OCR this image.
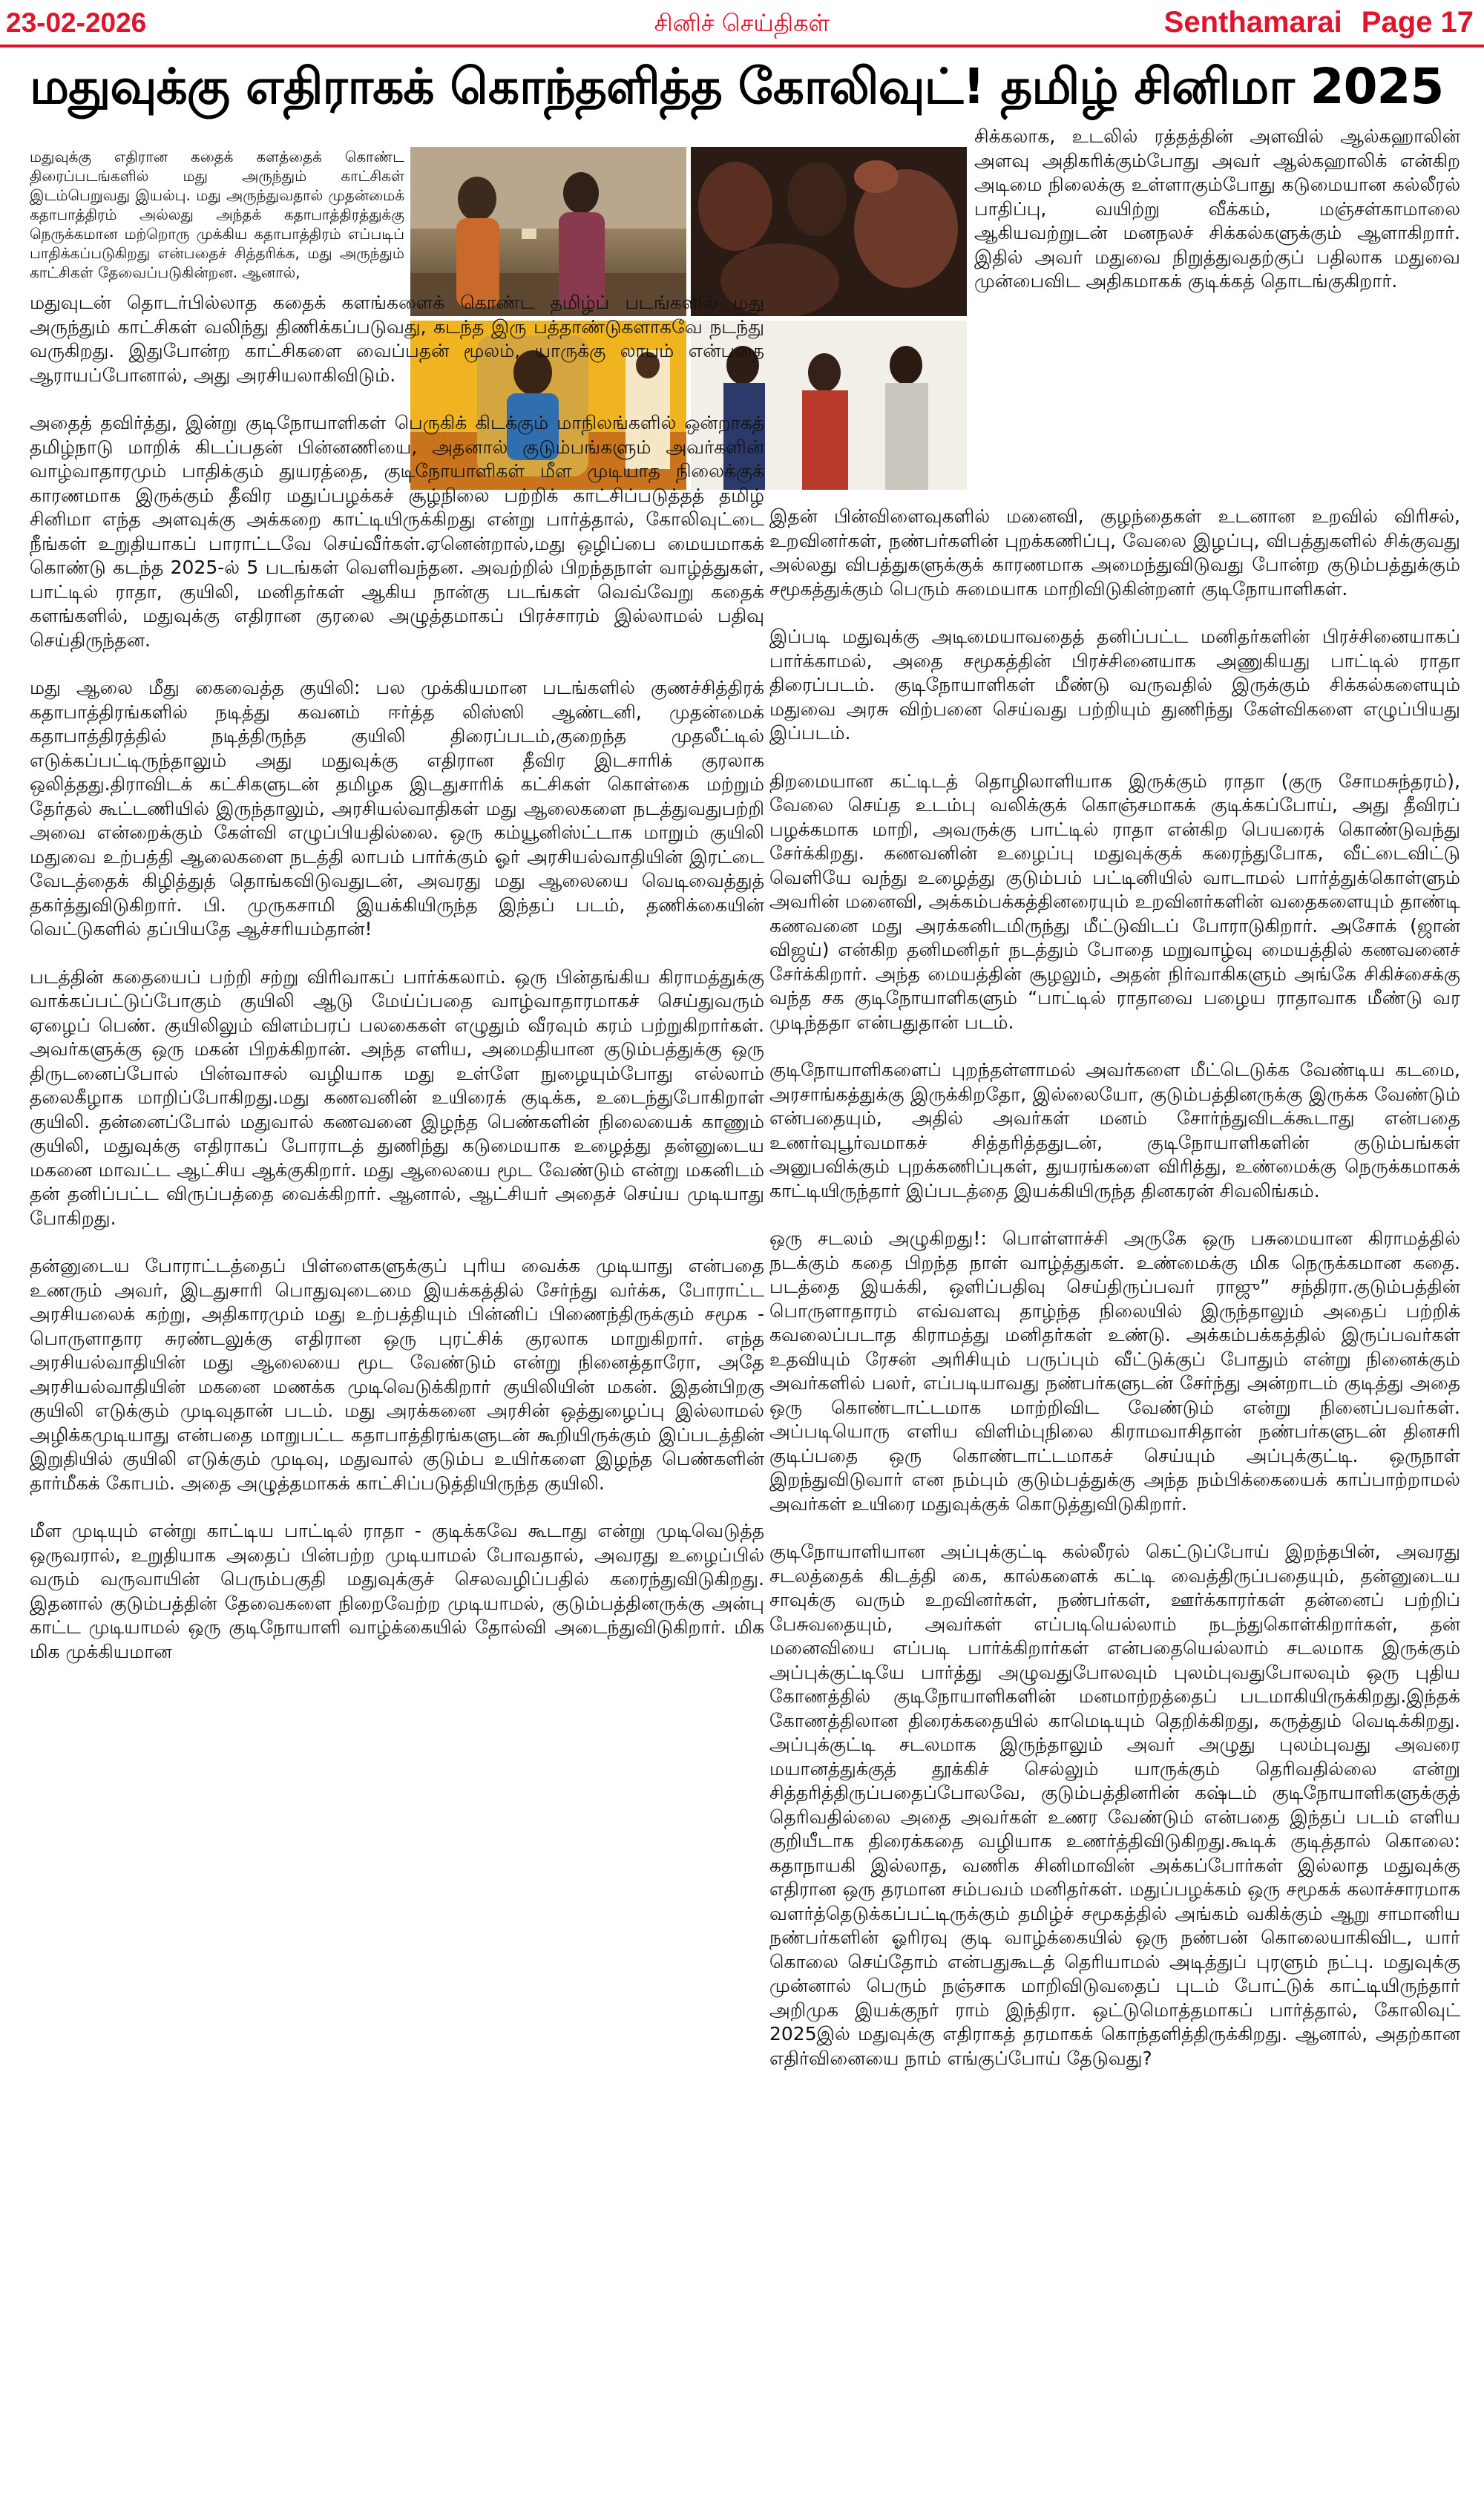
23-02-2026	சினிச் செய்திகள்	Senthamarai Page 17
மதுவுக்கு எதிராகக் கொந்தளித்த கோலிவுட்! தமிழ் சினிமா 2025

மதுவுக்கு எதிரான கதைக் களத்தைக் கொண்ட திரைப்படங்களில் மது அருந்தும் காட்சிகள் இடம்பெறுவது இயல்பு. மது அருந்துவதால் முதன்மைக் கதாபாத்திரம் அல்லது அந்தக் கதாபாத்திரத்துக்கு நெருக்கமான மற்றொரு முக்கிய கதாபாத்திரம் எப்படிப் பாதிக்கப்படுகிறது என்பதைச் சித்தரிக்க, மது அருந்தும் காட்சிகள் தேவைப்படுகின்றன. ஆனால்,

மதுவுடன் தொடர்பில்லாத கதைக் களங்களைக் கொண்ட தமிழ்ப் படங்களில் மது அருந்தும் காட்சிகள் வலிந்து திணிக்கப்படுவது, கடந்த இரு பத்தாண்டுகளாகவே நடந்து வருகிறது. இதுபோன்ற காட்சிகளை வைப்பதன் மூலம், யாருக்கு லாபம் என்பதை ஆராயப்போனால், அது அரசியலாகிவிடும்.

அதைத் தவிர்த்து, இன்று குடிநோயாளிகள் பெருகிக் கிடக்கும் மாநிலங்களில் ஒன்றாகத் தமிழ்நாடு மாறிக் கிடப்பதன் பின்னணியை, அதனால் குடும்பங்களும் அவர்களின் வாழ்வாதாரமும் பாதிக்கும் துயரத்தை, குடிநோயாளிகள் மீள முடியாத நிலைக்குக் காரணமாக இருக்கும் தீவிர மதுப்பழக்கச் சூழ்நிலை பற்றிக் காட்சிப்படுத்தத் தமிழ் சினிமா எந்த அளவுக்கு அக்கறை காட்டியிருக்கிறது என்று பார்த்தால், கோலிவுட்டை நீங்கள் உறுதியாகப் பாராட்டவே செய்வீர்கள்.ஏனென்றால்,மது ஒழிப்பை மையமாகக் கொண்டு கடந்த 2025-ல் 5 படங்கள் வெளிவந்தன. அவற்றில் பிறந்தநாள் வாழ்த்துகள், பாட்டில் ராதா, குயிலி, மனிதர்கள் ஆகிய நான்கு படங்கள் வெவ்வேறு கதைக் களங்களில், மதுவுக்கு எதிரான குரலை அழுத்தமாகப் பிரச்சாரம் இல்லாமல் பதிவு செய்திருந்தன.

மது ஆலை மீது கைவைத்த குயிலி: பல முக்கியமான படங்களில் குணச்சித்திரக் கதாபாத்திரங்களில் நடித்து கவனம் ஈர்த்த லிஸ்ஸி ஆண்டனி, முதன்மைக் கதாபாத்திரத்தில் நடித்திருந்த குயிலி திரைப்படம்,குறைந்த முதலீட்டில் எடுக்கப்பட்டிருந்தாலும் அது மதுவுக்கு எதிரான தீவிர இடசாரிக் குரலாக ஒலித்தது.திராவிடக் கட்சிகளுடன் தமிழக இடதுசாரிக் கட்சிகள் கொள்கை மற்றும் தேர்தல் கூட்டணியில் இருந்தாலும், அரசியல்வாதிகள் மது ஆலைகளை நடத்துவதுபற்றி அவை என்றைக்கும் கேள்வி எழுப்பியதில்லை. ஒரு கம்யூனிஸ்ட்டாக மாறும் குயிலி மதுவை உற்பத்தி ஆலைகளை நடத்தி லாபம் பார்க்கும் ஓர் அரசியல்வாதியின் இரட்டை வேடத்தைக் கிழித்துத் தொங்கவிடுவதுடன், அவரது மது ஆலையை வெடிவைத்துத் தகர்த்துவிடுகிறார். பி. முருகசாமி இயக்கியிருந்த இந்தப் படம், தணிக்கையின் வெட்டுகளில் தப்பியதே ஆச்சரியம்தான்!

படத்தின் கதையைப் பற்றி சற்று விரிவாகப் பார்க்கலாம். ஒரு பின்தங்கிய கிராமத்துக்கு வாக்கப்பட்டுப்போகும் குயிலி ஆடு மேய்ப்பதை வாழ்வாதாரமாகச் செய்துவரும் ஏழைப் பெண். குயிலிலும் விளம்பரப் பலகைகள் எழுதும் வீரவும் கரம் பற்றுகிறார்கள். அவர்களுக்கு ஒரு மகன் பிறக்கிறான். அந்த எளிய, அமைதியான குடும்பத்துக்கு ஒரு திருடனைப்போல் பின்வாசல் வழியாக மது உள்ளே நுழையும்போது எல்லாம் தலைகீழாக மாறிப்போகிறது.மது கணவனின் உயிரைக் குடிக்க, உடைந்துபோகிறாள் குயிலி. தன்னைப்போல் மதுவால் கணவனை இழந்த பெண்களின் நிலையைக் காணும் குயிலி, மதுவுக்கு எதிராகப் போராடத் துணிந்து கடுமையாக உழைத்து தன்னுடைய மகனை மாவட்ட ஆட்சிய ஆக்குகிறார். மது ஆலையை மூட வேண்டும் என்று மகனிடம் தன் தனிப்பட்ட விருப்பத்தை வைக்கிறார். ஆனால், ஆட்சியர் அதைச் செய்ய முடியாது போகிறது.

தன்னுடைய போராட்டத்தைப் பிள்ளைகளுக்குப் புரிய வைக்க முடியாது என்பதை உணரும் அவர், இடதுசாரி பொதுவுடைமை இயக்கத்தில் சேர்ந்து வர்க்க, போராட்ட அரசியலைக் கற்று, அதிகாரமும் மது உற்பத்தியும் பின்னிப் பிணைந்திருக்கும் சமூக - பொருளாதார சுரண்டலுக்கு எதிரான ஒரு புரட்சிக் குரலாக மாறுகிறார். எந்த அரசியல்வாதியின் மது ஆலையை மூட வேண்டும் என்று நினைத்தாரோ, அதே அரசியல்வாதியின் மகனை மணக்க முடிவெடுக்கிறார் குயிலியின் மகன். இதன்பிறகு குயிலி எடுக்கும் முடிவுதான் படம். மது அரக்கனை அரசின் ஒத்துழைப்பு இல்லாமல் அழிக்கமுடியாது என்பதை மாறுபட்ட கதாபாத்திரங்களுடன் கூறியிருக்கும் இப்படத்தின் இறுதியில் குயிலி எடுக்கும் முடிவு, மதுவால் குடும்ப உயிர்களை இழந்த பெண்களின் தார்மீகக் கோபம். அதை அழுத்தமாகக் காட்சிப்படுத்தியிருந்த குயிலி.

மீள முடியும் என்று காட்டிய பாட்டில் ராதா - குடிக்கவே கூடாது என்று முடிவெடுத்த ஒருவரால், உறுதியாக அதைப் பின்பற்ற முடியாமல் போவதால், அவரது உழைப்பில் வரும் வருவாயின் பெரும்பகுதி மதுவுக்குச் செலவழிப்பதில் கரைந்துவிடுகிறது. இதனால் குடும்பத்தின் தேவைகளை நிறைவேற்ற முடியாமல், குடும்பத்தினருக்கு அன்பு காட்ட முடியாமல் ஒரு குடிநோயாளி வாழ்க்கையில் தோல்வி அடைந்துவிடுகிறார். மிக மிக முக்கியமான

சிக்கலாக, உடலில் ரத்தத்தின் அளவில் ஆல்கஹாலின் அளவு அதிகரிக்கும்போது அவர் ஆல்கஹாலிக் என்கிற அடிமை நிலைக்கு உள்ளாகும்போது கடுமையான கல்லீரல் பாதிப்பு, வயிற்று வீக்கம், மஞ்சள்காமாலை ஆகியவற்றுடன் மனநலச் சிக்கல்களுக்கும் ஆளாகிறார். இதில் அவர் மதுவை நிறுத்துவதற்குப் பதிலாக மதுவை முன்பைவிட அதிகமாகக் குடிக்கத் தொடங்குகிறார்.

இதன் பின்விளைவுகளில் மனைவி, குழந்தைகள் உடனான உறவில் விரிசல், உறவினர்கள், நண்பர்களின் புறக்கணிப்பு, வேலை இழப்பு, விபத்துகளில் சிக்குவது அல்லது விபத்துகளுக்குக் காரணமாக அமைந்துவிடுவது போன்ற குடும்பத்துக்கும் சமூகத்துக்கும் பெரும் சுமையாக மாறிவிடுகின்றனர் குடிநோயாளிகள்.

இப்படி மதுவுக்கு அடிமையாவதைத் தனிப்பட்ட மனிதர்களின் பிரச்சினையாகப் பார்க்காமல், அதை சமூகத்தின் பிரச்சினையாக அணுகியது பாட்டில் ராதா திரைப்படம். குடிநோயாளிகள் மீண்டு வருவதில் இருக்கும் சிக்கல்களையும் மதுவை அரசு விற்பனை செய்வது பற்றியும் துணிந்து கேள்விகளை எழுப்பியது இப்படம்.

திறமையான கட்டிடத் தொழிலாளியாக இருக்கும் ராதா (குரு சோமசுந்தரம்), வேலை செய்த உடம்பு வலிக்குக் கொஞ்சமாகக் குடிக்கப்போய், அது தீவிரப் பழக்கமாக மாறி, அவருக்கு பாட்டில் ராதா என்கிற பெயரைக் கொண்டுவந்து சேர்க்கிறது. கணவனின் உழைப்பு மதுவுக்குக் கரைந்துபோக, வீட்டைவிட்டு வெளியே வந்து உழைத்து குடும்பம் பட்டினியில் வாடாமல் பார்த்துக்கொள்ளும் அவரின் மனைவி, அக்கம்பக்கத்தினரையும் உறவினர்களின் வதைகளையும் தாண்டி கணவனை மது அரக்கனிடமிருந்து மீட்டுவிடப் போராடுகிறார். அசோக் (ஜான் விஜய்) என்கிற தனிமனிதர் நடத்தும் போதை மறுவாழ்வு மையத்தில் கணவனைச் சேர்க்கிறார். அந்த மையத்தின் சூழலும், அதன் நிர்வாகிகளும் அங்கே சிகிச்சைக்கு வந்த சக குடிநோயாளிகளும் “பாட்டில் ராதாவை பழைய ராதாவாக மீண்டு வர முடிந்ததா என்பதுதான் படம்.

குடிநோயாளிகளைப் புறந்தள்ளாமல் அவர்களை மீட்டெடுக்க வேண்டிய கடமை, அரசாங்கத்துக்கு இருக்கிறதோ, இல்லையோ, குடும்பத்தினருக்கு இருக்க வேண்டும் என்பதையும், அதில் அவர்கள் மனம் சோர்ந்துவிடக்கூடாது என்பதை உணர்வுபூர்வமாகச் சித்தரித்ததுடன், குடிநோயாளிகளின் குடும்பங்கள் அனுபவிக்கும் புறக்கணிப்புகள், துயரங்களை விரித்து, உண்மைக்கு நெருக்கமாகக் காட்டியிருந்தார் இப்படத்தை இயக்கியிருந்த தினகரன் சிவலிங்கம்.

ஒரு சடலம் அழுகிறது!: பொள்ளாச்சி அருகே ஒரு பசுமையான கிராமத்தில் நடக்கும் கதை பிறந்த நாள் வாழ்த்துகள். உண்மைக்கு மிக நெருக்கமான கதை. படத்தை இயக்கி, ஒளிப்பதிவு செய்திருப்பவர் ராஜு” சந்திரா.குடும்பத்தின் பொருளாதாரம் எவ்வளவு தாழ்ந்த நிலையில் இருந்தாலும் அதைப் பற்றிக் கவலைப்படாத கிராமத்து மனிதர்கள் உண்டு. அக்கம்பக்கத்தில் இருப்பவர்கள் உதவியும் ரேசன் அரிசியும் பருப்பும் வீட்டுக்குப் போதும் என்று நினைக்கும் அவர்களில் பலர், எப்படியாவது நண்பர்களுடன் சேர்ந்து அன்றாடம் குடித்து அதை ஒரு கொண்டாட்டமாக மாற்றிவிட வேண்டும் என்று நினைப்பவர்கள். அப்படியொரு எளிய விளிம்புநிலை கிராமவாசிதான் நண்பர்களுடன் தினசரி குடிப்பதை ஒரு கொண்டாட்டமாகச் செய்யும் அப்புக்குட்டி. ஒருநாள் இறந்துவிடுவார் என நம்பும் குடும்பத்துக்கு அந்த நம்பிக்கையைக் காப்பாற்றாமல் அவர்கள் உயிரை மதுவுக்குக் கொடுத்துவிடுகிறார்.

குடிநோயாளியான அப்புக்குட்டி கல்லீரல் கெட்டுப்போய் இறந்தபின், அவரது சடலத்தைக் கிடத்தி கை, கால்களைக் கட்டி வைத்திருப்பதையும், தன்னுடைய சாவுக்கு வரும் உறவினர்கள், நண்பர்கள், ஊர்க்காரர்கள் தன்னைப் பற்றிப் பேசுவதையும், அவர்கள் எப்படியெல்லாம் நடந்துகொள்கிறார்கள், தன் மனைவியை எப்படி பார்க்கிறார்கள் என்பதையெல்லாம் சடலமாக இருக்கும் அப்புக்குட்டியே பார்த்து அழுவதுபோலவும் புலம்புவதுபோலவும் ஒரு புதிய கோணத்தில் குடிநோயாளிகளின் மனமாற்றத்தைப் படமாகியிருக்கிறது.இந்தக் கோணத்திலான திரைக்கதையில் காமெடியும் தெறிக்கிறது, கருத்தும் வெடிக்கிறது. அப்புக்குட்டி சடலமாக இருந்தாலும் அவர் அழுது புலம்புவது அவரை மயானத்துக்குத் தூக்கிச் செல்லும் யாருக்கும் தெரிவதில்லை என்று சித்தரித்திருப்பதைப்போலவே, குடும்பத்தினரின் கஷ்டம் குடிநோயாளிகளுக்குத் தெரிவதில்லை அதை அவர்கள் உணர வேண்டும் என்பதை இந்தப் படம் எளிய குறியீடாக திரைக்கதை வழியாக உணர்த்திவிடுகிறது.கூடிக் குடித்தால் கொலை: கதாநாயகி இல்லாத, வணிக சினிமாவின் அக்கப்போர்கள் இல்லாத மதுவுக்கு எதிரான ஒரு தரமான சம்பவம் மனிதர்கள். மதுப்பழக்கம் ஒரு சமூகக் கலாச்சாரமாக வளர்த்தெடுக்கப்பட்டிருக்கும் தமிழ்ச் சமூகத்தில் அங்கம் வகிக்கும் ஆறு சாமானிய நண்பர்களின் ஓரிரவு குடி வாழ்க்கையில் ஒரு நண்பன் கொலையாகிவிட, யார் கொலை செய்தோம் என்பதுகூடத் தெரியாமல் அடித்துப் புரளும் நட்பு. மதுவுக்கு முன்னால் பெரும் நஞ்சாக மாறிவிடுவதைப் புடம் போட்டுக் காட்டியிருந்தார் அறிமுக இயக்குநர் ராம் இந்திரா. ஒட்டுமொத்தமாகப் பார்த்தால், கோலிவுட் 2025இல் மதுவுக்கு எதிராகத் தரமாகக் கொந்தளித்திருக்கிறது. ஆனால், அதற்கான எதிர்வினையை நாம் எங்குப்போய் தேடுவது?
